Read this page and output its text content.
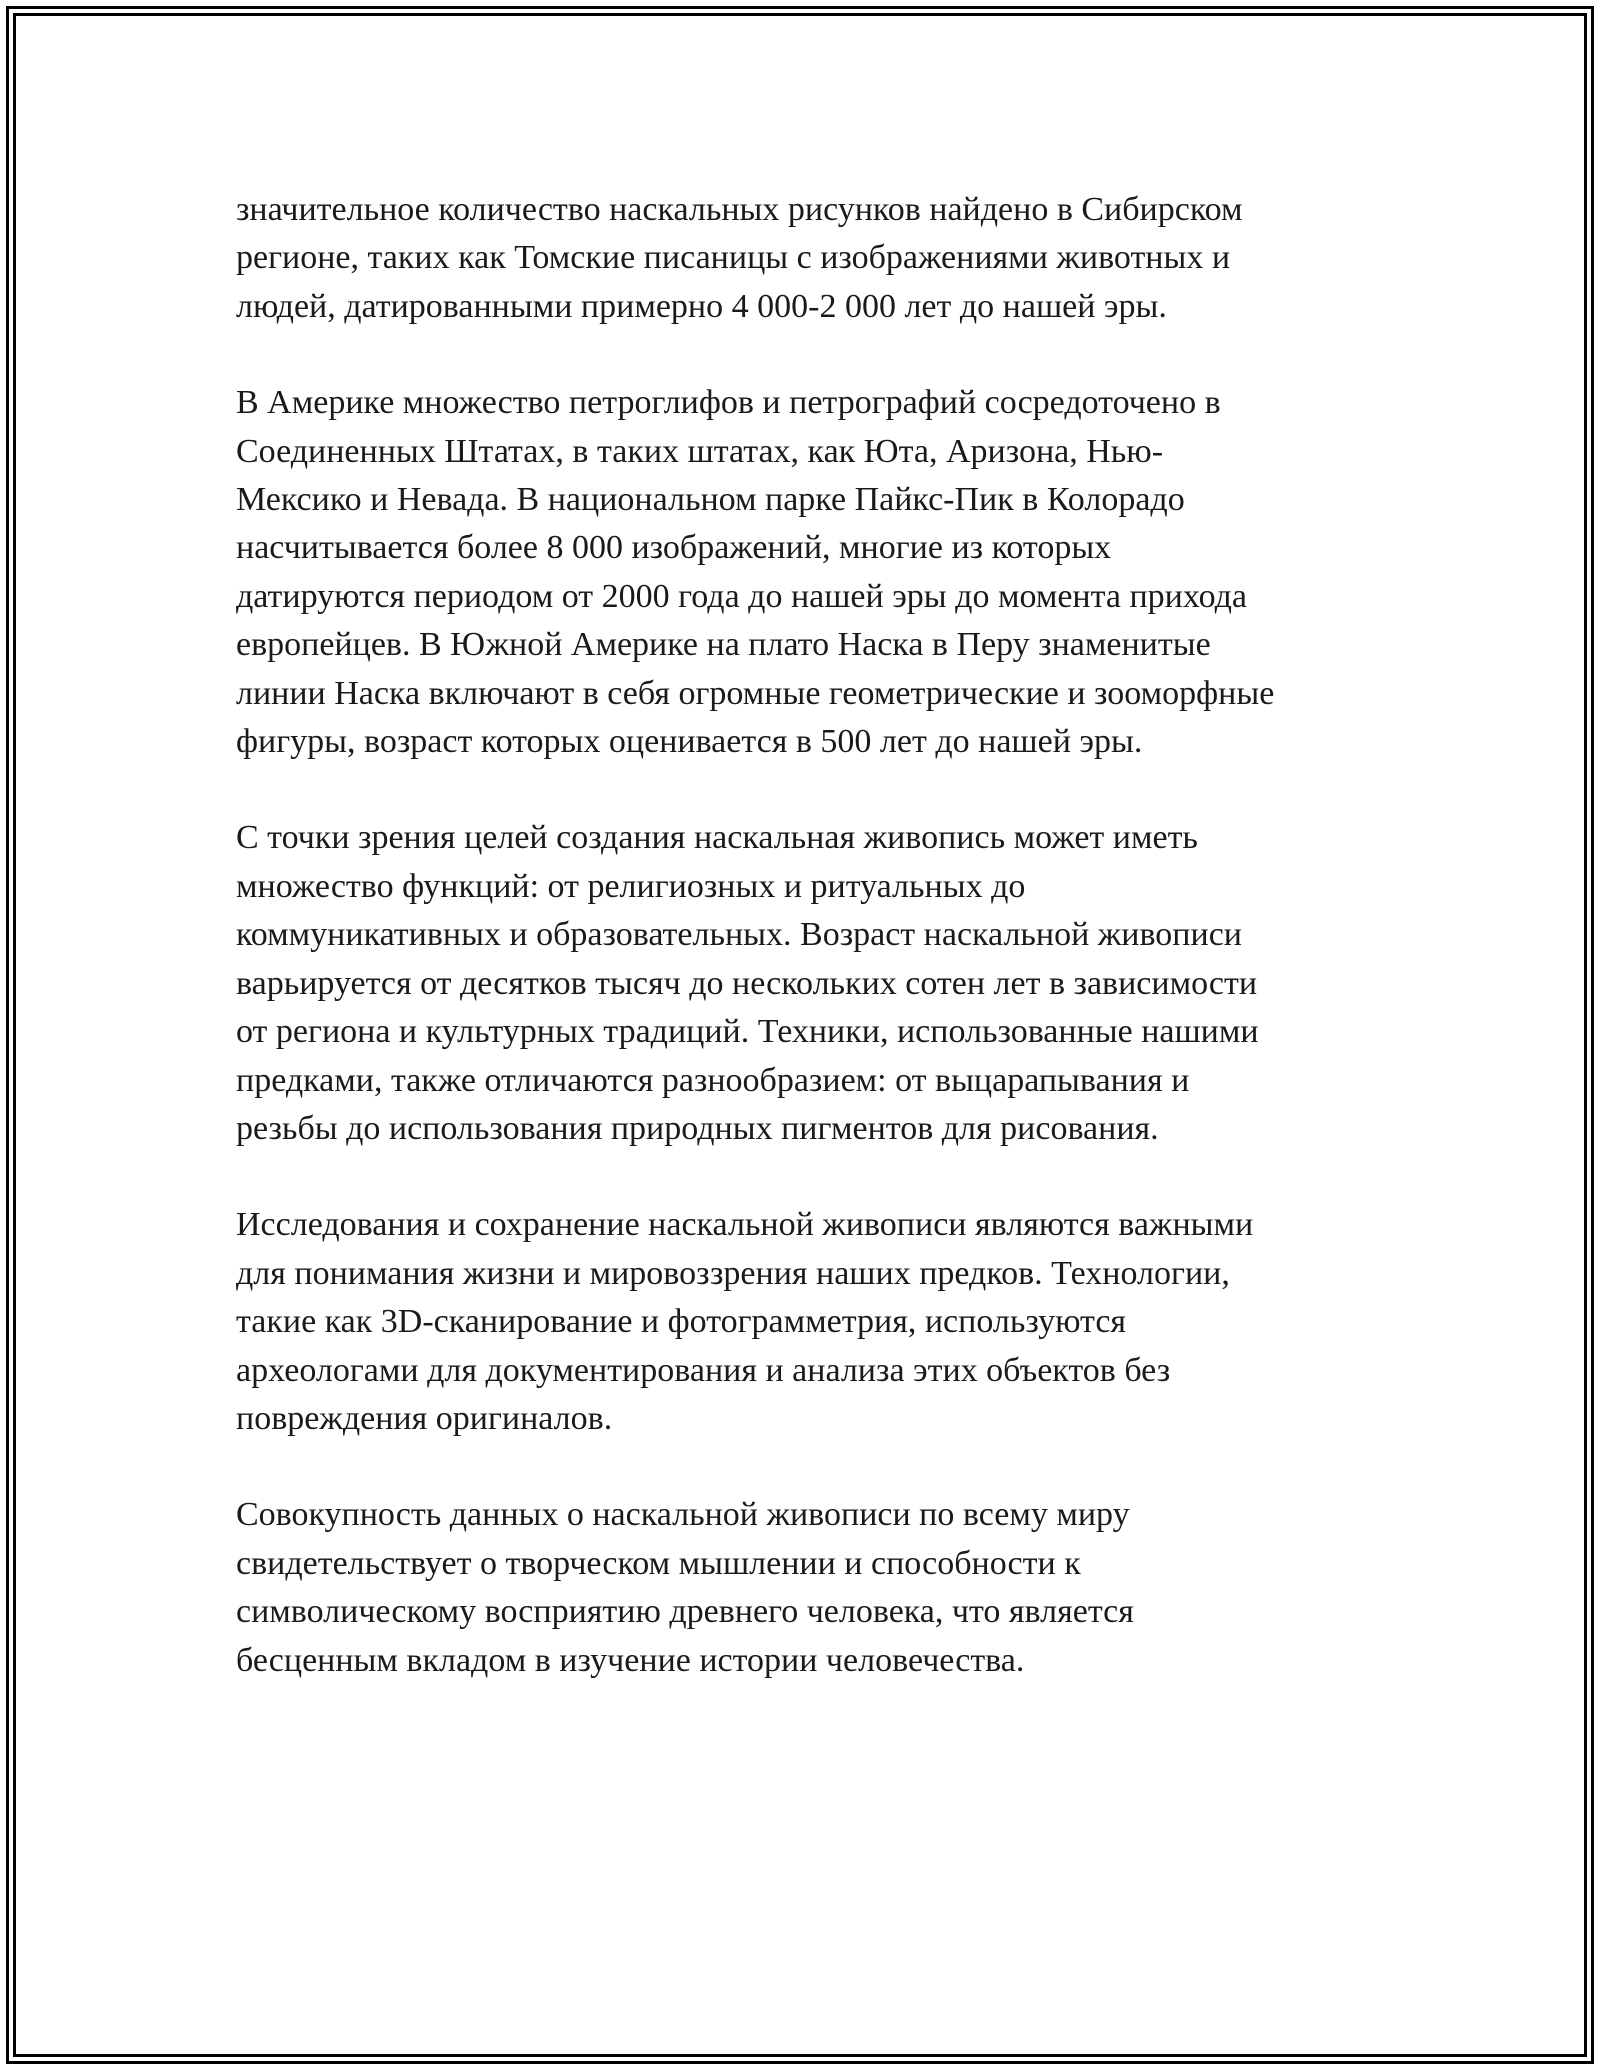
значительное количество наскальных рисунков найдено в Сибирском
регионе, таких как Томские писаницы с изображениями животных и
людей, датированными примерно 4 000-2 000 лет до нашей эры.

В Америке множество петроглифов и петрографий сосредоточено в
Соединенных Штатах, в таких штатах, как Юта, Аризона, Нью-
Мексико и Невада. В национальном парке Пайкс-Пик в Колорадо
насчитывается более 8 000 изображений, многие из которых
датируются периодом от 2000 года до нашей эры до момента прихода
европейцев. В Южной Америке на плато Наска в Перу знаменитые
линии Наска включают в себя огромные геометрические и зооморфные
фигуры, возраст которых оценивается в 500 лет до нашей эры.

С точки зрения целей создания наскальная живопись может иметь
множество функций: от религиозных и ритуальных до
коммуникативных и образовательных. Возраст наскальной живописи
варьируется от десятков тысяч до нескольких сотен лет в зависимости
от региона и культурных традиций. Техники, использованные нашими
предками, также отличаются разнообразием: от выцарапывания и
резьбы до использования природных пигментов для рисования.

Исследования и сохранение наскальной живописи являются важными
для понимания жизни и мировоззрения наших предков. Технологии,
такие как 3D-сканирование и фотограмметрия, используются
археологами для документирования и анализа этих объектов без
повреждения оригиналов.

Совокупность данных о наскальной живописи по всему миру
свидетельствует о творческом мышлении и способности к
символическому восприятию древнего человека, что является
бесценным вкладом в изучение истории человечества.
